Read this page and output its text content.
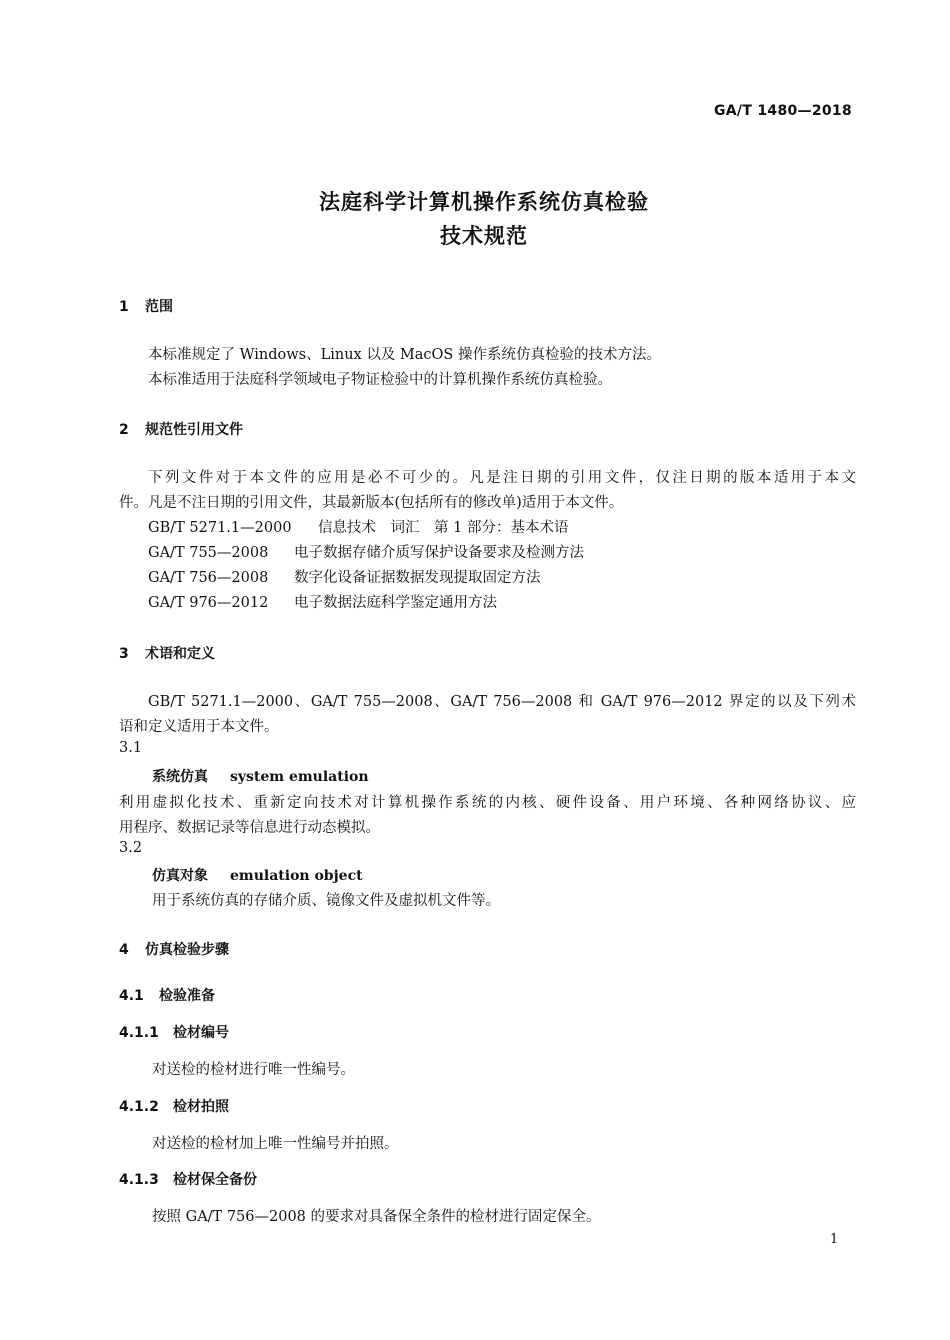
GA/T 1480—2018
法庭科学计算机操作系统仿真检验
技术规范
1 范围
本标准规定了 Windows、Linux 以及 MacOS 操作系统仿真检验的技术方法。
本标准适用于法庭科学领域电子物证检验中的计算机操作系统仿真检验。
2 规范性引用文件
下列文件对于本文件的应用是必不可少的。凡是注日期的引用文件，仅注日期的版本适用于本文
件。凡是不注日期的引用文件，其最新版本(包括所有的修改单)适用于本文件。
GB/T 5271.1—2000 信息技术　词汇　第 1 部分：基本术语
GA/T 755—2008 电子数据存储介质写保护设备要求及检测方法
GA/T 756—2008 数字化设备证据数据发现提取固定方法
GA/T 976—2012 电子数据法庭科学鉴定通用方法
3 术语和定义
GB/T 5271.1—2000、GA/T 755—2008、GA/T 756—2008 和 GA/T 976—2012 界定的以及下列术
语和定义适用于本文件。
3.1
系统仿真 system emulation
利用虚拟化技术、重新定向技术对计算机操作系统的内核、硬件设备、用户环境、各种网络协议、应
用程序、数据记录等信息进行动态模拟。
3.2
仿真对象 emulation object
用于系统仿真的存储介质、镜像文件及虚拟机文件等。
4 仿真检验步骤
4.1 检验准备
4.1.1 检材编号
对送检的检材进行唯一性编号。
4.1.2 检材拍照
对送检的检材加上唯一性编号并拍照。
4.1.3 检材保全备份
按照 GA/T 756—2008 的要求对具备保全条件的检材进行固定保全。
1
